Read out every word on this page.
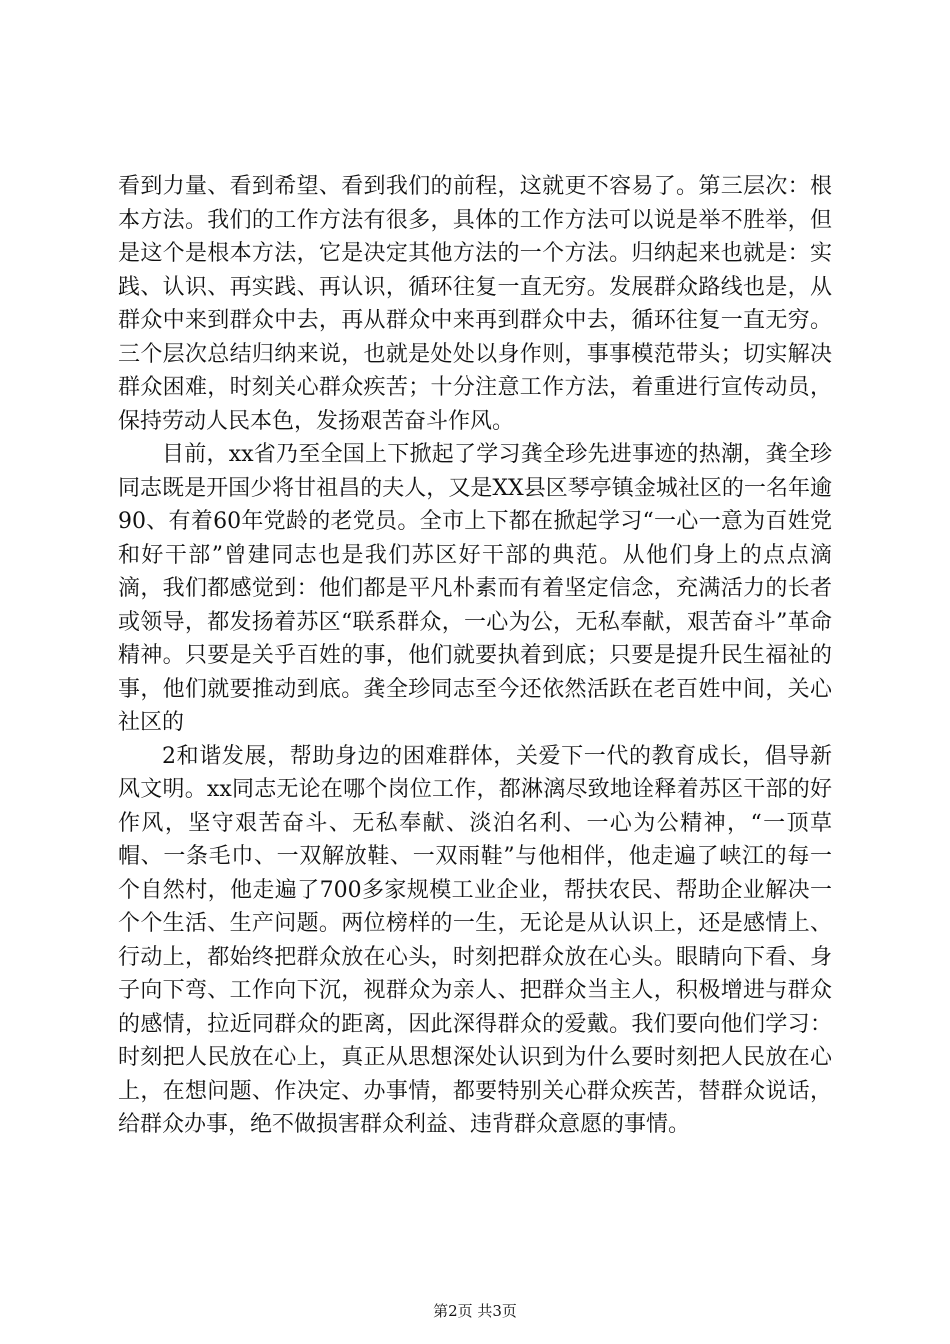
看到力量、看到希望、看到我们的前程，这就更不容易了。第三层次：根本方法。我们的工作方法有很多，具体的工作方法可以说是举不胜举，但是这个是根本方法，它是决定其他方法的一个方法。归纳起来也就是：实践、认识、再实践、再认识，循环往复一直无穷。发展群众路线也是，从群众中来到群众中去，再从群众中来再到群众中去，循环往复一直无穷。三个层次总结归纳来说，也就是处处以身作则，事事模范带头；切实解决群众困难，时刻关心群众疾苦；十分注意工作方法，着重进行宣传动员，保持劳动人民本色，发扬艰苦奋斗作风。

目前，xx省乃至全国上下掀起了学习龚全珍先进事迹的热潮，龚全珍同志既是开国少将甘祖昌的夫人，又是XX县区琴亭镇金城社区的一名年逾90、有着60年党龄的老党员。全市上下都在掀起学习“一心一意为百姓党和好干部”曾建同志也是我们苏区好干部的典范。从他们身上的点点滴滴，我们都感觉到：他们都是平凡朴素而有着坚定信念，充满活力的长者或领导，都发扬着苏区“联系群众，一心为公，无私奉献，艰苦奋斗”革命精神。只要是关乎百姓的事，他们就要执着到底；只要是提升民生福祉的事，他们就要推动到底。龚全珍同志至今还依然活跃在老百姓中间，关心社区的

2和谐发展，帮助身边的困难群体，关爱下一代的教育成长，倡导新风文明。xx同志无论在哪个岗位工作，都淋漓尽致地诠释着苏区干部的好作风，坚守艰苦奋斗、无私奉献、淡泊名利、一心为公精神，“一顶草帽、一条毛巾、一双解放鞋、一双雨鞋”与他相伴，他走遍了峡江的每一个自然村，他走遍了700多家规模工业企业，帮扶农民、帮助企业解决一个个生活、生产问题。两位榜样的一生，无论是从认识上，还是感情上、行动上，都始终把群众放在心头，时刻把群众放在心头。眼睛向下看、身子向下弯、工作向下沉，视群众为亲人、把群众当主人，积极增进与群众的感情，拉近同群众的距离，因此深得群众的爱戴。我们要向他们学习：时刻把人民放在心上，真正从思想深处认识到为什么要时刻把人民放在心上，在想问题、作决定、办事情，都要特别关心群众疾苦，替群众说话，给群众办事，绝不做损害群众利益、违背群众意愿的事情。

第2页 共3页
